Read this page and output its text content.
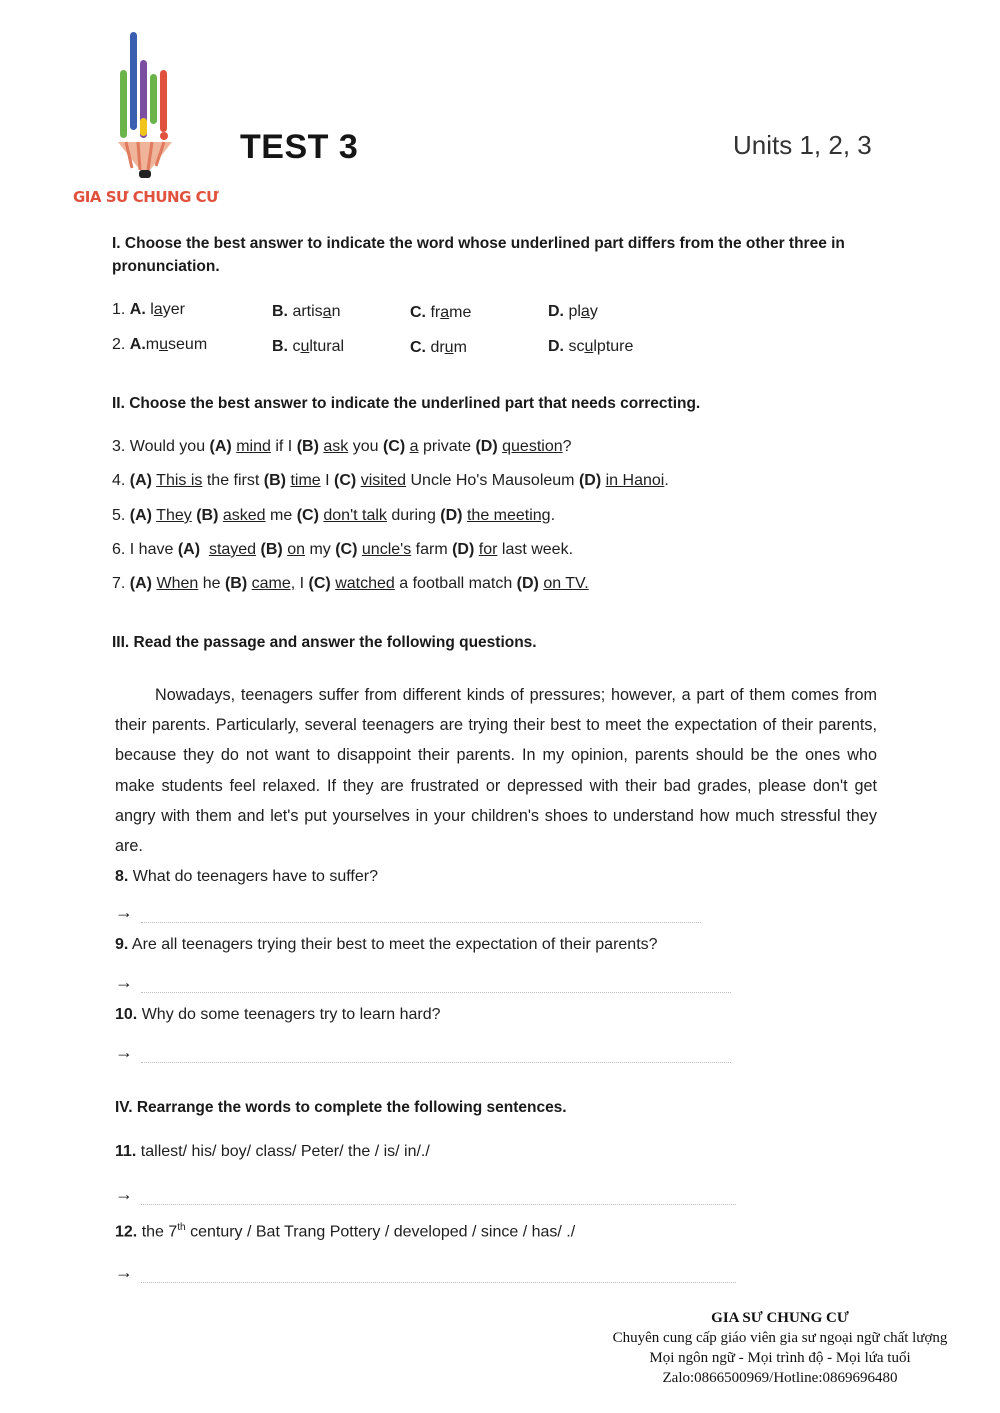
GIA SƯ CHUNG CƯ
TEST 3	Units 1, 2, 3
I. Choose the best answer to indicate the word whose underlined part differs from the other three in pronunciation.
1. A. layer	B. artisan	C. frame	D. play
2. A.museum	B. cultural	C. drum	D. sculpture
II. Choose the best answer to indicate the underlined part that needs correcting.
3. Would you (A) mind if I (B) ask you (C) a private (D) question?
4. (A) This is the first (B) time I (C) visited Uncle Ho's Mausoleum (D) in Hanoi.
5. (A) They (B) asked me (C) don't talk during (D) the meeting.
6. I have (A) stayed (B) on my (C) uncle's farm (D) for last week.
7. (A) When he (B) came, I (C) watched a football match (D) on TV.
III. Read the passage and answer the following questions.

Nowadays, teenagers suffer from different kinds of pressures; however, a part of them comes from their parents. Particularly, several teenagers are trying their best to meet the expectation of their parents, because they do not want to disappoint their parents. In my opinion, parents should be the ones who make students feel relaxed. If they are frustrated or depressed with their bad grades, please don't get angry with them and let's put yourselves in your children's shoes to understand how much stressful they are.

8. What do teenagers have to suffer?
→
9. Are all teenagers trying their best to meet the expectation of their parents?
→
10. Why do some teenagers try to learn hard?
→
IV. Rearrange the words to complete the following sentences.
11. tallest/ his/ boy/ class/ Peter/ the / is/ in/./
→
12. the 7th century / Bat Trang Pottery / developed / since / has/ ./
→
GIA SƯ CHUNG CƯ
Chuyên cung cấp giáo viên gia sư ngoại ngữ chất lượng
Mọi ngôn ngữ - Mọi trình độ - Mọi lứa tuổi
Zalo:0866500969/Hotline:0869696480
